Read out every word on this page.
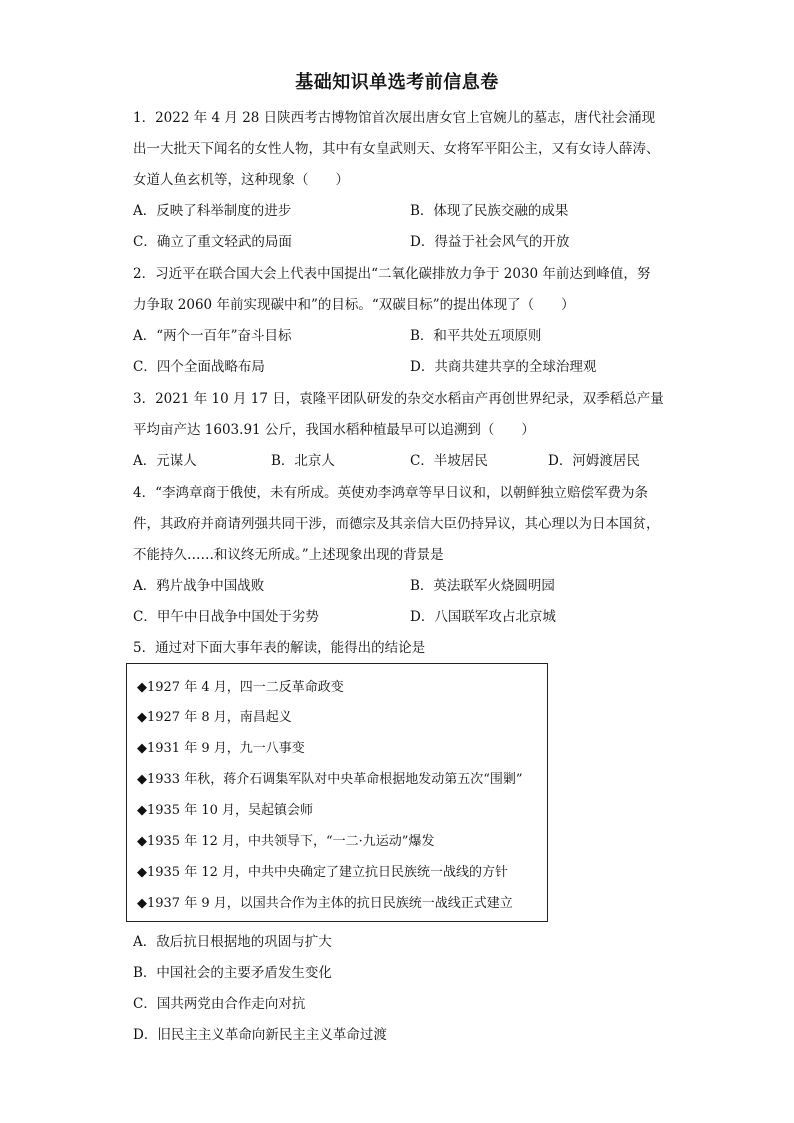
基础知识单选考前信息卷
1．2022 年 4 月 28 日陕西考古博物馆首次展出唐女官上官婉儿的墓志，唐代社会涌现
出一大批天下闻名的女性人物，其中有女皇武则天、女将军平阳公主，又有女诗人薛涛、
女道人鱼玄机等，这种现象（　　）
A．反映了科举制度的进步	B．体现了民族交融的成果
C．确立了重文轻武的局面	D．得益于社会风气的开放
2．习近平在联合国大会上代表中国提出“二氧化碳排放力争于 2030 年前达到峰值，努
力争取 2060 年前实现碳中和”的目标。“双碳目标”的提出体现了（　　）
A．“两个一百年”奋斗目标	B．和平共处五项原则
C．四个全面战略布局	D．共商共建共享的全球治理观
3．2021 年 10 月 17 日，袁隆平团队研发的杂交水稻亩产再创世界纪录，双季稻总产量
平均亩产达 1603.91 公斤，我国水稻种植最早可以追溯到（　　）
A．元谋人	B．北京人	C．半坡居民	D．河姆渡居民
4．“李鸿章商于俄使，未有所成。英使劝李鸿章等早日议和，以朝鲜独立赔偿军费为条
件，其政府并商请列强共同干涉，而德宗及其亲信大臣仍持异议，其心理以为日本国贫，
不能持久……和议终无所成。”上述现象出现的背景是
A．鸦片战争中国战败	B．英法联军火烧圆明园
C．甲午中日战争中国处于劣势	D．八国联军攻占北京城
5．通过对下面大事年表的解读，能得出的结论是
◆1927 年 4 月，四一二反革命政变
◆1927 年 8 月，南昌起义
◆1931 年 9 月，九一八事变
◆1933 年秋，蒋介石调集军队对中央革命根据地发动第五次“围剿”
◆1935 年 10 月，吴起镇会师
◆1935 年 12 月，中共领导下，“一二·九运动”爆发
◆1935 年 12 月，中共中央确定了建立抗日民族统一战线的方针
◆1937 年 9 月，以国共合作为主体的抗日民族统一战线正式建立
A．敌后抗日根据地的巩固与扩大
B．中国社会的主要矛盾发生变化
C．国共两党由合作走向对抗
D．旧民主主义革命向新民主主义革命过渡
